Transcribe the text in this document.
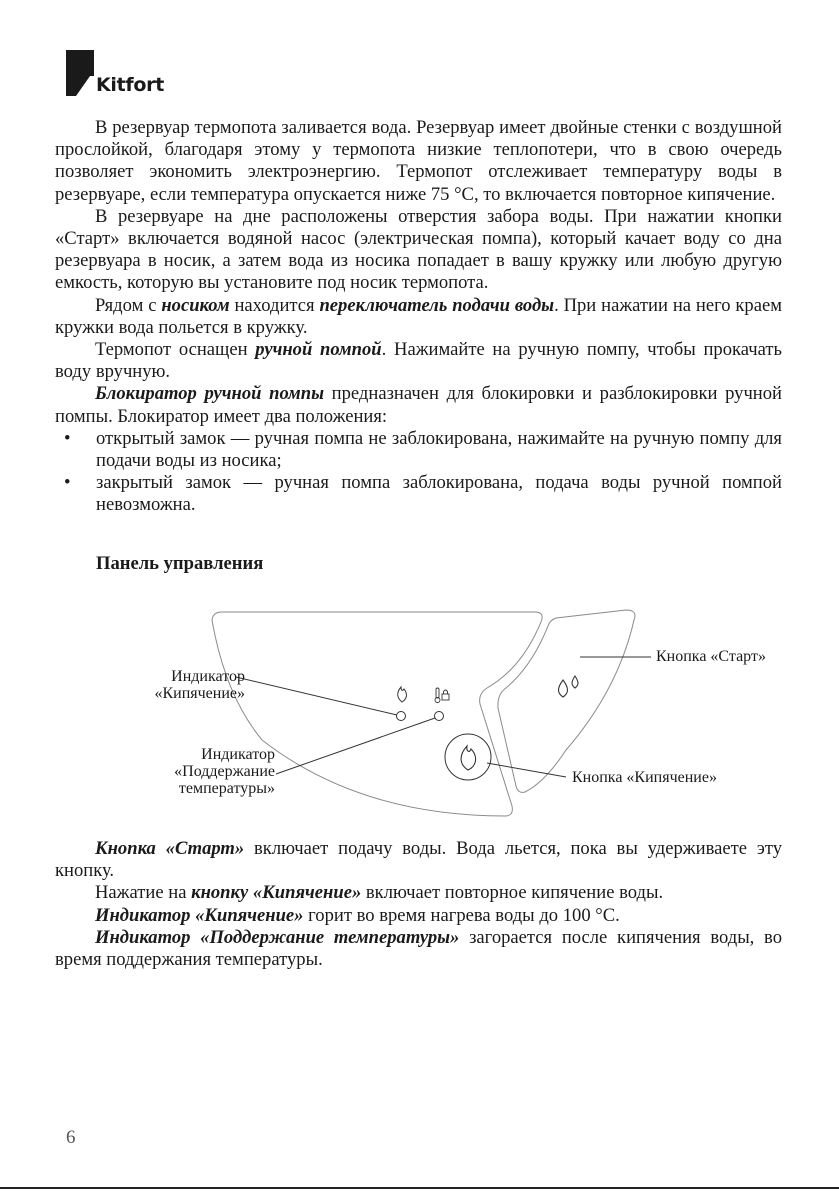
Kitfort

В резервуар термопота заливается вода. Резервуар имеет двойные стенки с воздушной прослойкой, благодаря этому у термопота низкие теплопотери, что в свою очередь позволяет экономить электроэнергию. Термопот отслеживает температуру воды в резервуаре, если температура опускается ниже 75 °C, то включается повторное кипячение.

В резервуаре на дне расположены отверстия забора воды. При нажатии кнопки «Старт» включается водяной насос (электрическая помпа), который качает воду со дна резервуара в носик, а затем вода из носика попадает в вашу кружку или любую другую емкость, которую вы установите под носик термопота.

Рядом с носиком находится переключатель подачи воды. При нажатии на него краем кружки вода польется в кружку.

Термопот оснащен ручной помпой. Нажимайте на ручную помпу, чтобы прокачать воду вручную.

Блокиратор ручной помпы предназначен для блокировки и разблокировки ручной помпы. Блокиратор имеет два положения:

• открытый замок — ручная помпа не заблокирована, нажимайте на ручную помпу для подачи воды из носика;
• закрытый замок — ручная помпа заблокирована, подача воды ручной помпой невозможна.
Панель управления
Индикатор
«Кипячение»
Индикатор
«Поддержание
температуры»
Кнопка «Старт»
Кнопка «Кипячение»

Кнопка «Старт» включает подачу воды. Вода льется, пока вы удерживаете эту кнопку.

Нажатие на кнопку «Кипячение» включает повторное кипячение воды.

Индикатор «Кипячение» горит во время нагрева воды до 100 °C.

Индикатор «Поддержание температуры» загорается после кипячения воды, во время поддержания температуры.

6
